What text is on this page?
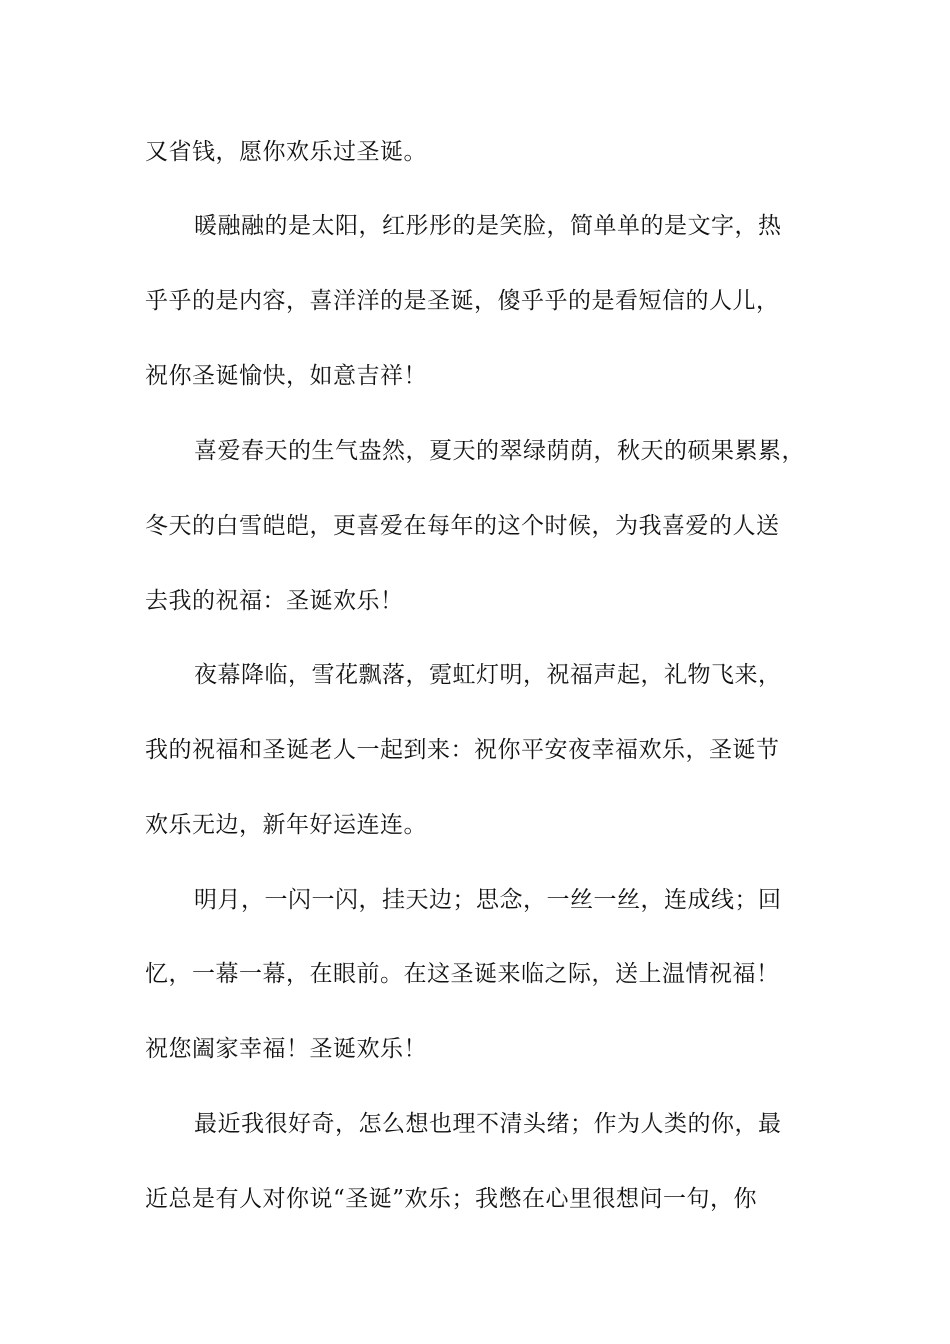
又省钱，愿你欢乐过圣诞。
暖融融的是太阳，红彤彤的是笑脸，简单单的是文字，热
乎乎的是内容，喜洋洋的是圣诞，傻乎乎的是看短信的人儿，
祝你圣诞愉快，如意吉祥！
喜爱春天的生气盎然，夏天的翠绿荫荫，秋天的硕果累累，
冬天的白雪皑皑，更喜爱在每年的这个时候，为我喜爱的人送
去我的祝福：圣诞欢乐！
夜幕降临，雪花飘落，霓虹灯明，祝福声起，礼物飞来，
我的祝福和圣诞老人一起到来：祝你平安夜幸福欢乐，圣诞节
欢乐无边，新年好运连连。
明月，一闪一闪，挂天边；思念，一丝一丝，连成线；回
忆，一幕一幕，在眼前。在这圣诞来临之际，送上温情祝福！
祝您阖家幸福！圣诞欢乐！
最近我很好奇，怎么想也理不清头绪；作为人类的你，最
近总是有人对你说“圣诞”欢乐；我憋在心里很想问一句，你
